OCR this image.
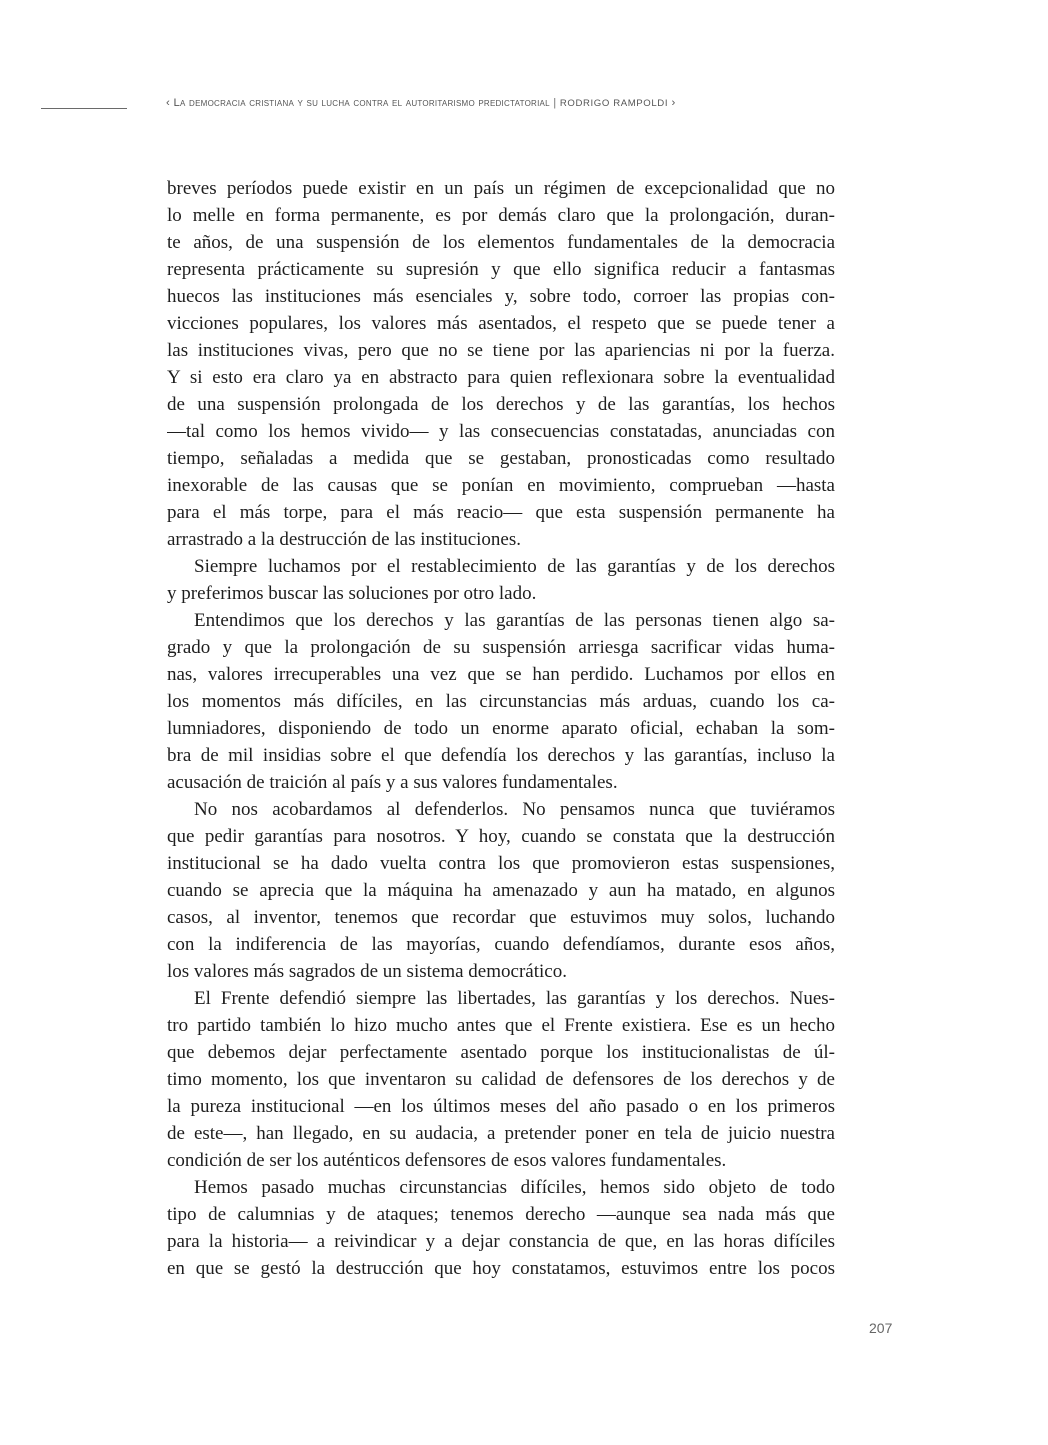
‹ La democracia cristiana y su lucha contra el autoritarismo predictatorial | RODRIGO RAMPOLDI ›
breves períodos puede existir en un país un régimen de excepcionalidad que no
lo melle en forma permanente, es por demás claro que la prolongación, duran-
te años, de una suspensión de los elementos fundamentales de la democracia
representa prácticamente su supresión y que ello significa reducir a fantasmas
huecos las instituciones más esenciales y, sobre todo, corroer las propias con-
vicciones populares, los valores más asentados, el respeto que se puede tener a
las instituciones vivas, pero que no se tiene por las apariencias ni por la fuerza.
Y si esto era claro ya en abstracto para quien reflexionara sobre la eventualidad
de una suspensión prolongada de los derechos y de las garantías, los hechos
—tal como los hemos vivido— y las consecuencias constatadas, anunciadas con
tiempo, señaladas a medida que se gestaban, pronosticadas como resultado
inexorable de las causas que se ponían en movimiento, comprueban —hasta
para el más torpe, para el más reacio— que esta suspensión permanente ha
arrastrado a la destrucción de las instituciones.
Siempre luchamos por el restablecimiento de las garantías y de los derechos
y preferimos buscar las soluciones por otro lado.
Entendimos que los derechos y las garantías de las personas tienen algo sa-
grado y que la prolongación de su suspensión arriesga sacrificar vidas huma-
nas, valores irrecuperables una vez que se han perdido. Luchamos por ellos en
los momentos más difíciles, en las circunstancias más arduas, cuando los ca-
lumniadores, disponiendo de todo un enorme aparato oficial, echaban la som-
bra de mil insidias sobre el que defendía los derechos y las garantías, incluso la
acusación de traición al país y a sus valores fundamentales.
No nos acobardamos al defenderlos. No pensamos nunca que tuviéramos
que pedir garantías para nosotros. Y hoy, cuando se constata que la destrucción
institucional se ha dado vuelta contra los que promovieron estas suspensiones,
cuando se aprecia que la máquina ha amenazado y aun ha matado, en algunos
casos, al inventor, tenemos que recordar que estuvimos muy solos, luchando
con la indiferencia de las mayorías, cuando defendíamos, durante esos años,
los valores más sagrados de un sistema democrático.
El Frente defendió siempre las libertades, las garantías y los derechos. Nues-
tro partido también lo hizo mucho antes que el Frente existiera. Ese es un hecho
que debemos dejar perfectamente asentado porque los institucionalistas de úl-
timo momento, los que inventaron su calidad de defensores de los derechos y de
la pureza institucional —en los últimos meses del año pasado o en los primeros
de este—, han llegado, en su audacia, a pretender poner en tela de juicio nuestra
condición de ser los auténticos defensores de esos valores fundamentales.
Hemos pasado muchas circunstancias difíciles, hemos sido objeto de todo
tipo de calumnias y de ataques; tenemos derecho —aunque sea nada más que
para la historia— a reivindicar y a dejar constancia de que, en las horas difíciles
en que se gestó la destrucción que hoy constatamos, estuvimos entre los pocos
207
